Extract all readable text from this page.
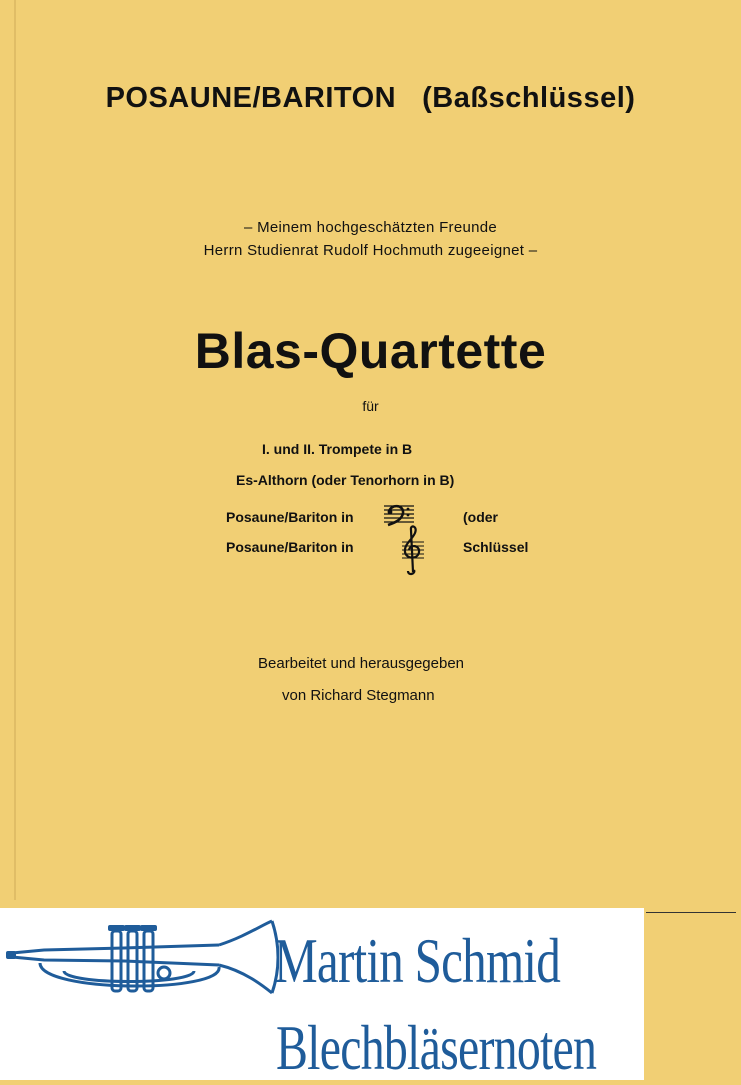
POSAUNE/BARITON (Baßschlüssel)
– Meinem hochgeschätzten Freunde
Herrn Studienrat Rudolf Hochmuth zugeeignet –
Blas-Quartette
für
I. und II. Trompete in B
Es-Althorn (oder Tenorhorn in B)
Posaune/Bariton in
Posaune/Bariton in
(oder
Schlüssel
Bearbeitet und herausgegeben
von Richard Stegmann
Martin Schmid
Blechbläsernoten
